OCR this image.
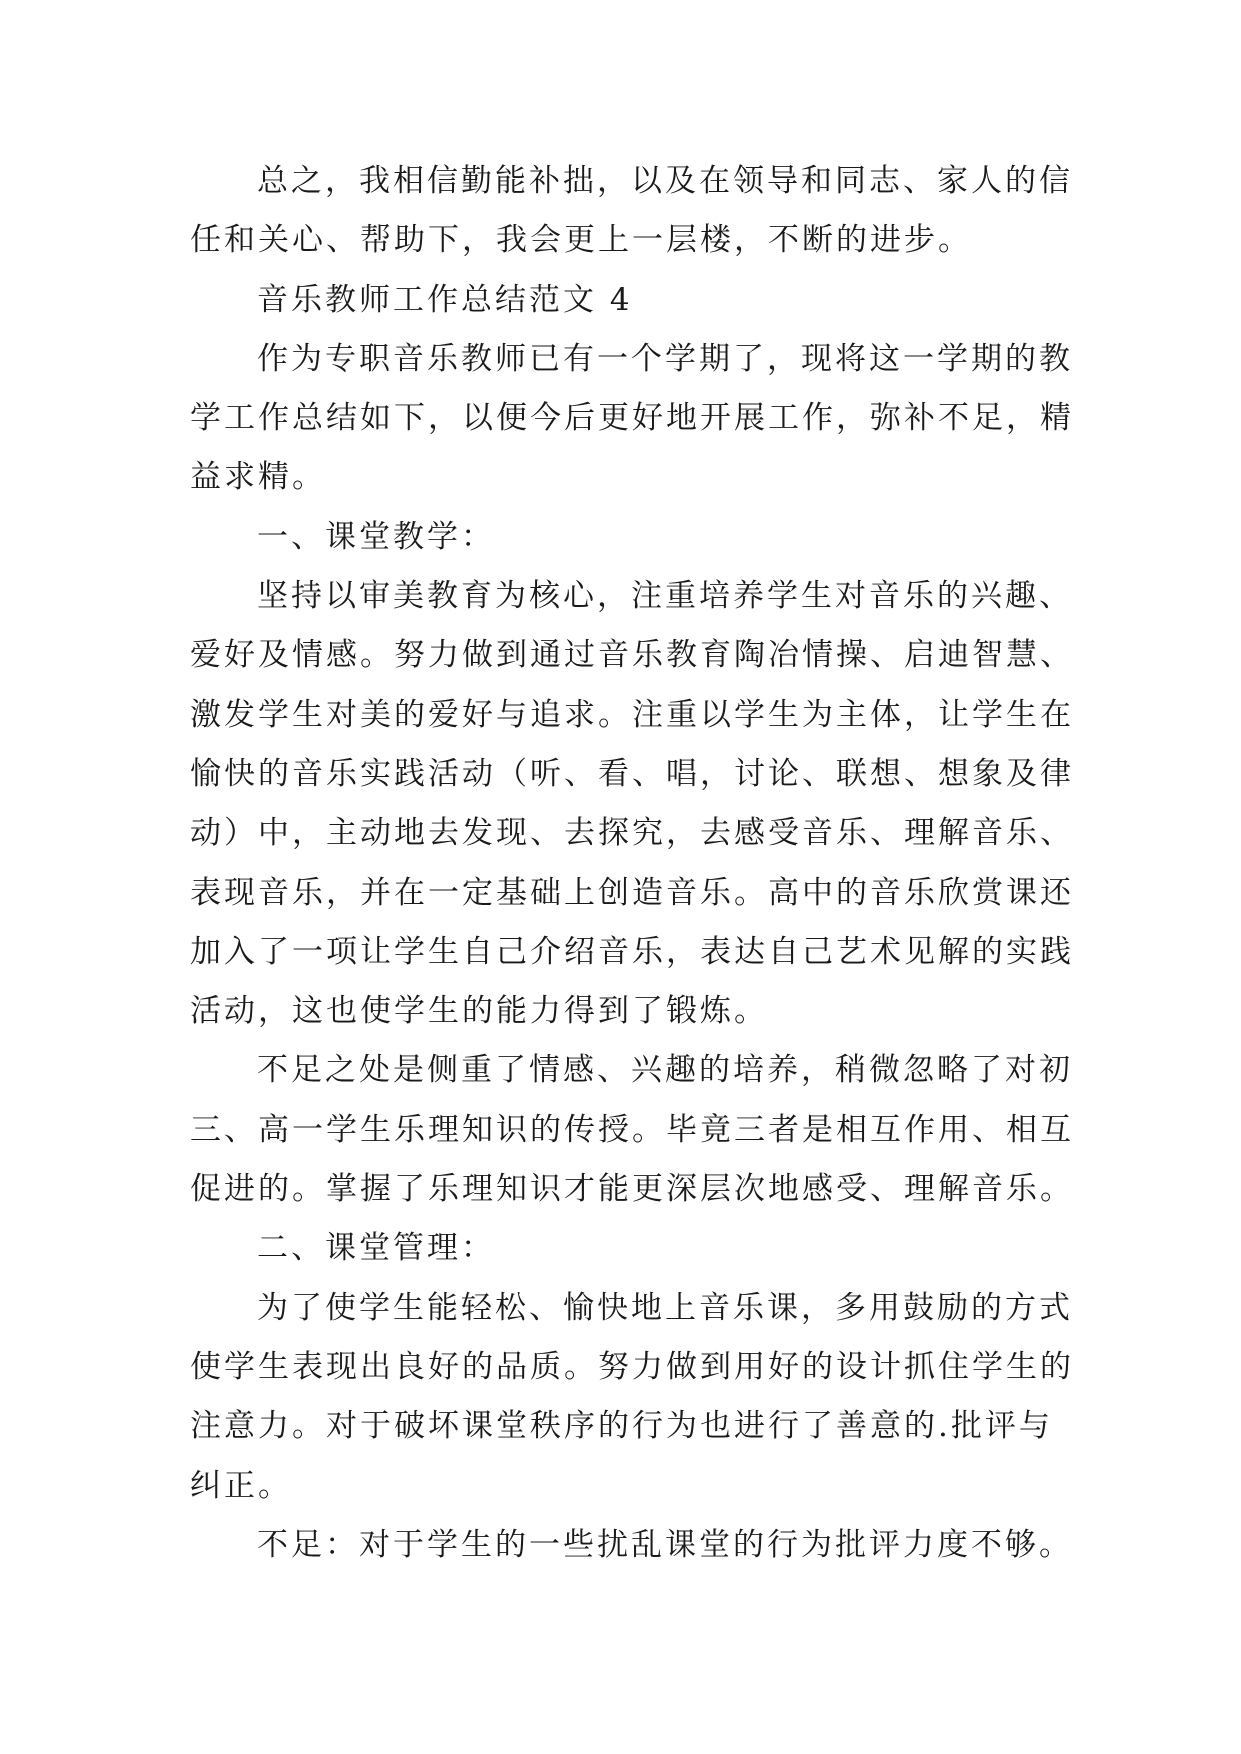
总之，我相信勤能补拙，以及在领导和同志、家人的信
任和关心、帮助下，我会更上一层楼，不断的进步。
音乐教师工作总结范文 4
作为专职音乐教师已有一个学期了，现将这一学期的教
学工作总结如下，以便今后更好地开展工作，弥补不足，精
益求精。
一、课堂教学：
坚持以审美教育为核心，注重培养学生对音乐的兴趣、
爱好及情感。努力做到通过音乐教育陶冶情操、启迪智慧、
激发学生对美的爱好与追求。注重以学生为主体，让学生在
愉快的音乐实践活动（听、看、唱，讨论、联想、想象及律
动）中，主动地去发现、去探究，去感受音乐、理解音乐、
表现音乐，并在一定基础上创造音乐。高中的音乐欣赏课还
加入了一项让学生自己介绍音乐，表达自己艺术见解的实践
活动，这也使学生的能力得到了锻炼。
不足之处是侧重了情感、兴趣的培养，稍微忽略了对初
三、高一学生乐理知识的传授。毕竟三者是相互作用、相互
促进的。掌握了乐理知识才能更深层次地感受、理解音乐。
二、课堂管理：
为了使学生能轻松、愉快地上音乐课，多用鼓励的方式
使学生表现出良好的品质。努力做到用好的设计抓住学生的
注意力。对于破坏课堂秩序的行为也进行了善意的.批评与
纠正。
不足：对于学生的一些扰乱课堂的行为批评力度不够。
